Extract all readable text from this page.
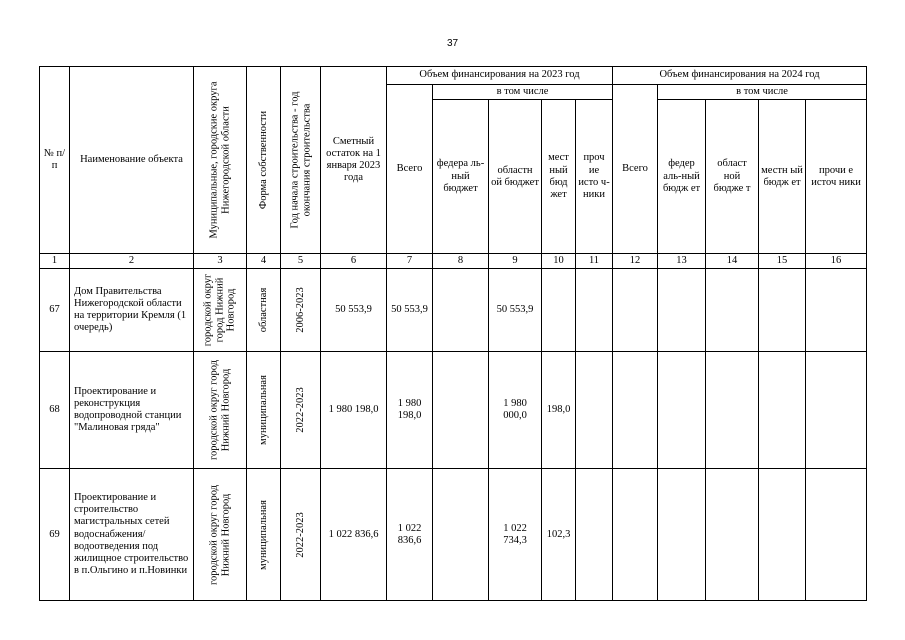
37
№ п/п	Наименование объекта	Муниципальные, городские округа Нижегородской области	Форма собственности	Год начала строительства - год окончания строительства	Сметный остаток на 1 января 2023 года	Объем финансирования на 2023 год					Объем финансирования на 2024 год				
						Всего	в том числе				Всего	в том числе			
							федера ль-ный бюджет	областн ой бюджет	мест ный бюд жет	проч ие исто ч-ники		федер аль-ный бюдж ет	област ной бюдже т	местн ый бюдж ет	прочи е источ ники
1	2	3	4	5	6	7	8	9	10	11	12	13	14	15	16
67	Дом Правительства Нижегородской области на территории Кремля (1 очередь)	городской округ город Нижний Новгород	областная	2006-2023	50 553,9	50 553,9		50 553,9							
68	Проектирование и реконструкция водопроводной станции "Малиновая гряда"	городской округ город Нижний Новгород	муниципальная	2022-2023	1 980 198,0	1 980 198,0		1 980 000,0	198,0						
69	Проектирование и строительство магистральных сетей водоснабжения/водоотведения под жилищное строительство в п.Ольгино и п.Новинки	городской округ город Нижний Новгород	муниципальная	2022-2023	1 022 836,6	1 022 836,6		1 022 734,3	102,3						
